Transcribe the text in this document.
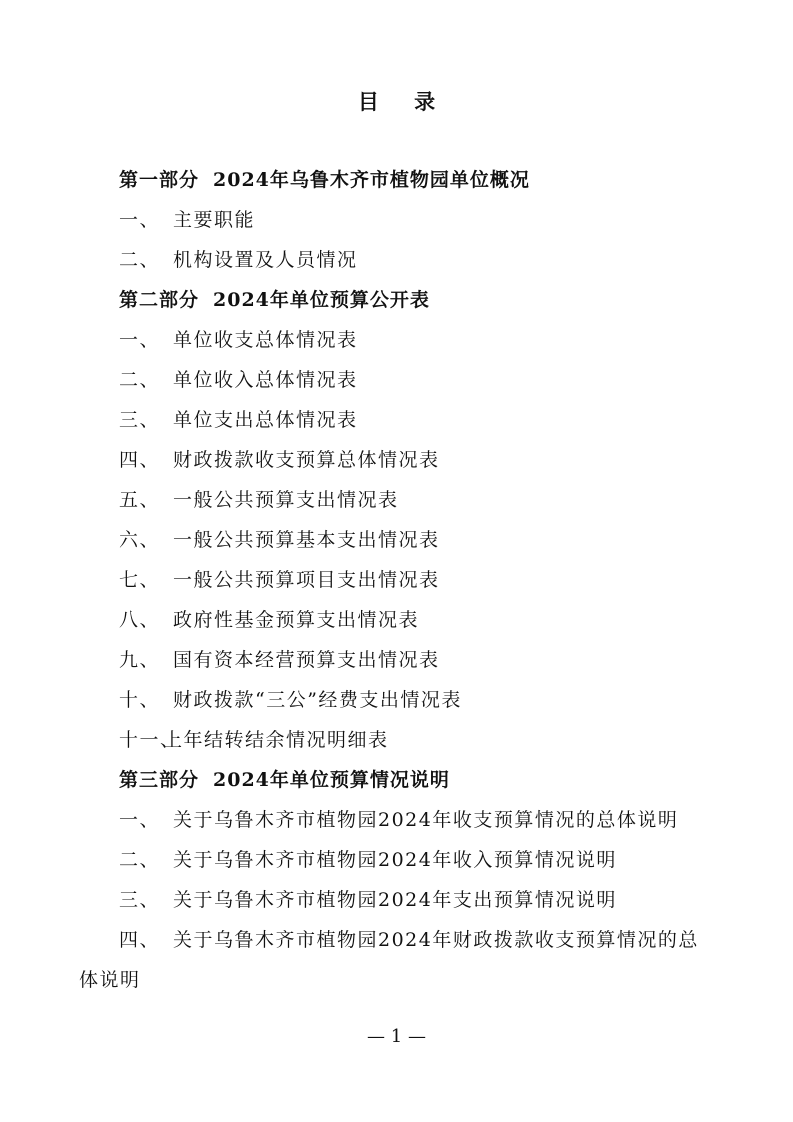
目 录
第一部分 2024年乌鲁木齐市植物园单位概况
一、 主要职能
二、 机构设置及人员情况
第二部分 2024年单位预算公开表
一、 单位收支总体情况表
二、 单位收入总体情况表
三、 单位支出总体情况表
四、 财政拨款收支预算总体情况表
五、 一般公共预算支出情况表
六、 一般公共预算基本支出情况表
七、 一般公共预算项目支出情况表
八、 政府性基金预算支出情况表
九、 国有资本经营预算支出情况表
十、 财政拨款“三公”经费支出情况表
十一、上年结转结余情况明细表
第三部分 2024年单位预算情况说明
一、 关于乌鲁木齐市植物园2024年收支预算情况的总体说明
二、 关于乌鲁木齐市植物园2024年收入预算情况说明
三、 关于乌鲁木齐市植物园2024年支出预算情况说明
四、 关于乌鲁木齐市植物园2024年财政拨款收支预算情况的总
体说明
— 1 —
